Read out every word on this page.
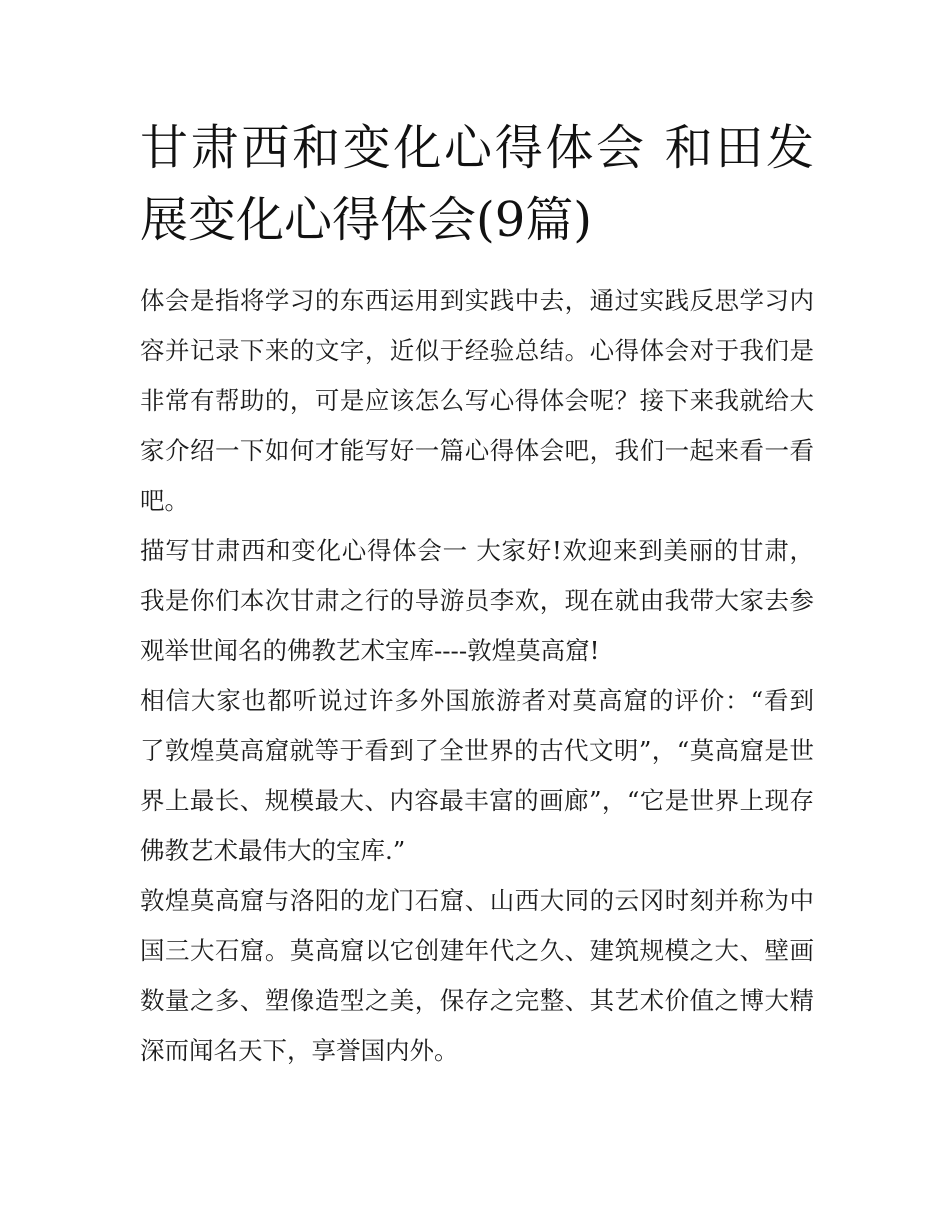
甘肃西和变化心得体会 和田发展变化心得体会(9篇)

体会是指将学习的东西运用到实践中去，通过实践反思学习内容并记录下来的文字，近似于经验总结。心得体会对于我们是非常有帮助的，可是应该怎么写心得体会呢？接下来我就给大家介绍一下如何才能写好一篇心得体会吧，我们一起来看一看吧。

描写甘肃西和变化心得体会一 大家好!欢迎来到美丽的甘肃，我是你们本次甘肃之行的导游员李欢，现在就由我带大家去参观举世闻名的佛教艺术宝库----敦煌莫高窟!

相信大家也都听说过许多外国旅游者对莫高窟的评价：“看到了敦煌莫高窟就等于看到了全世界的古代文明”，“莫高窟是世界上最长、规模最大、内容最丰富的画廊”，“它是世界上现存佛教艺术最伟大的宝库.”

敦煌莫高窟与洛阳的龙门石窟、山西大同的云冈时刻并称为中国三大石窟。莫高窟以它创建年代之久、建筑规模之大、壁画数量之多、塑像造型之美，保存之完整、其艺术价值之博大精深而闻名天下，享誉国内外。
